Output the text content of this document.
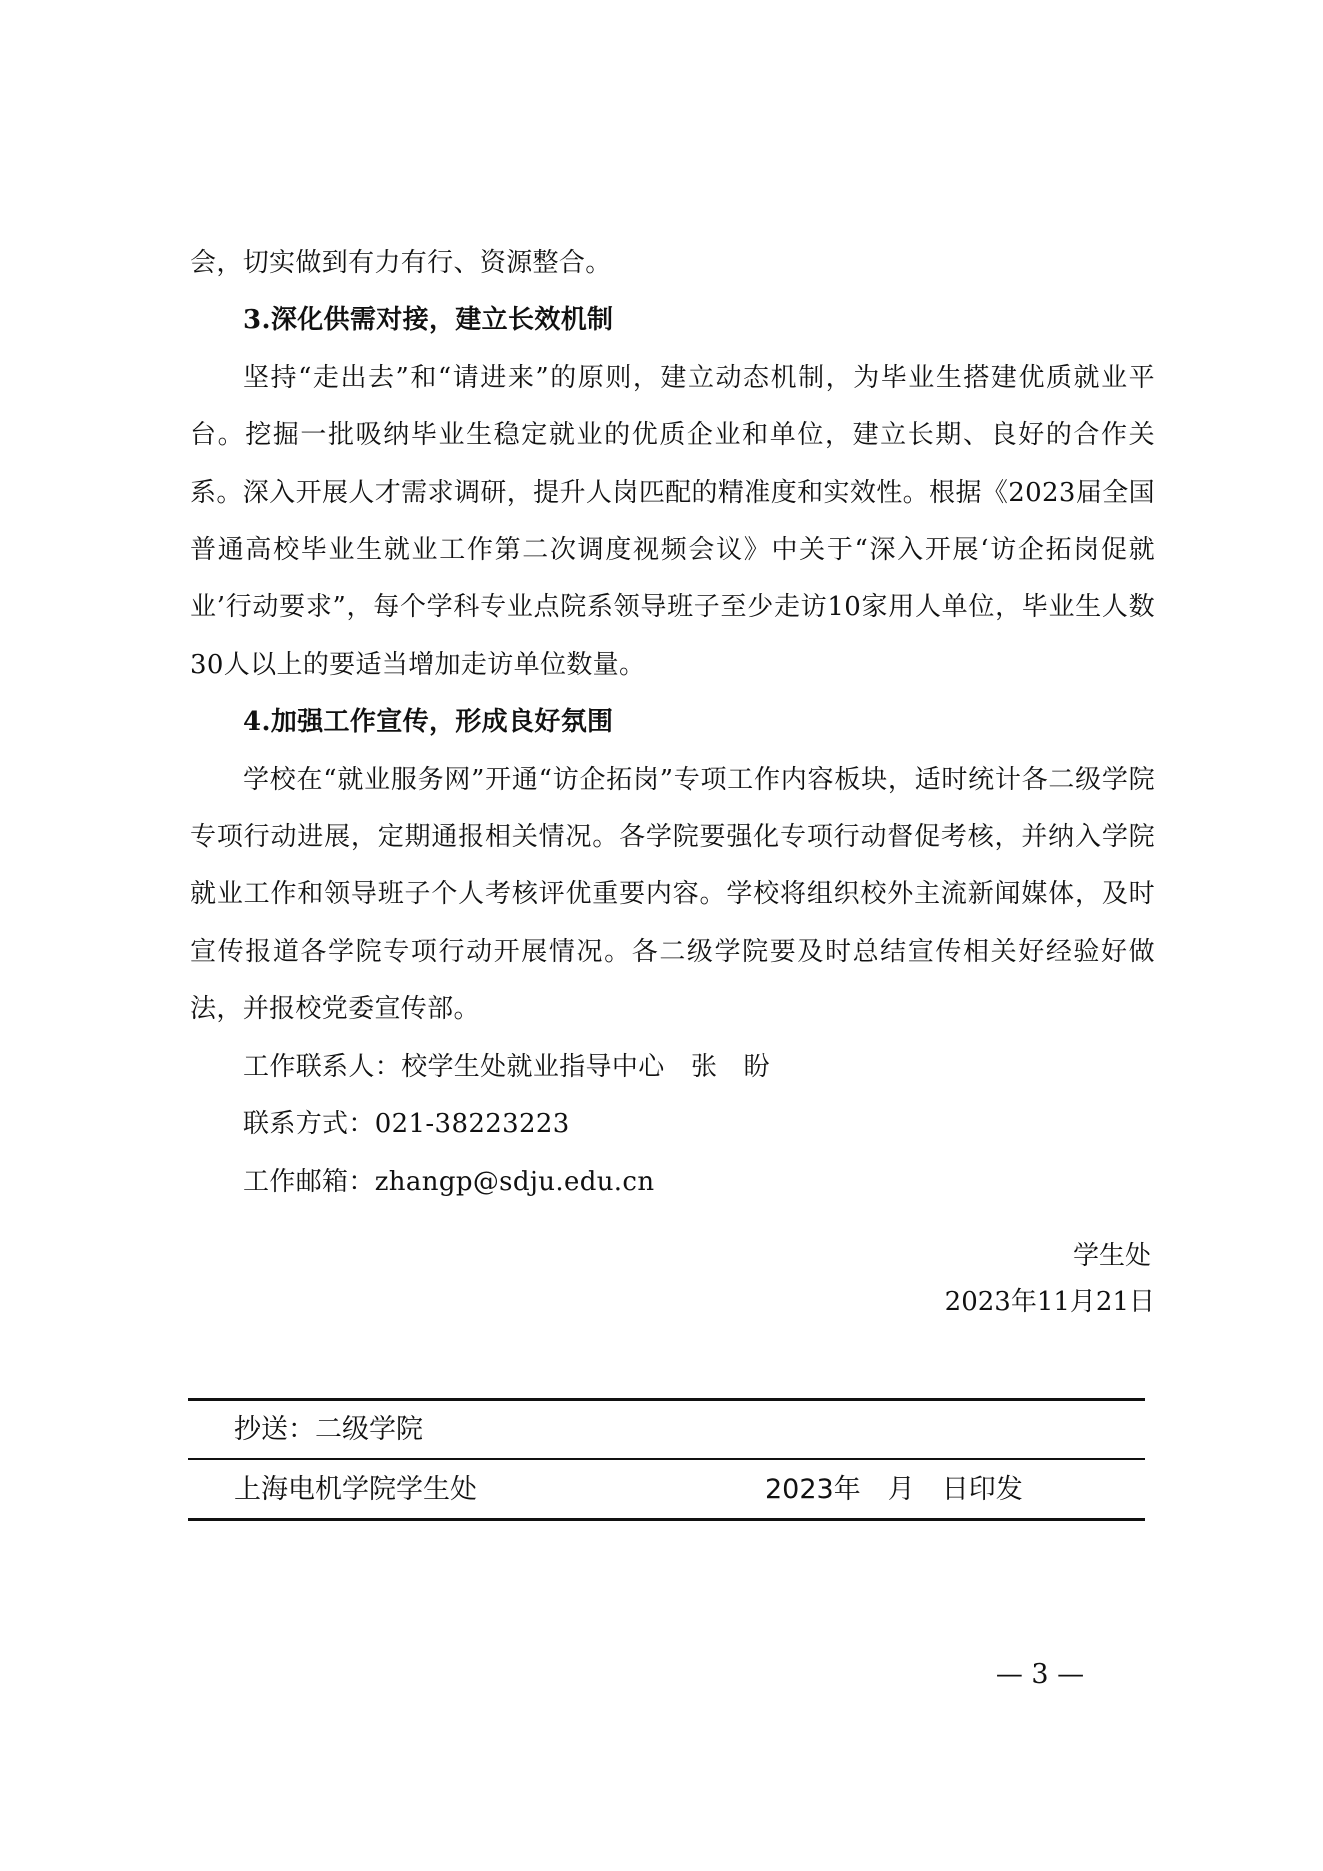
会，切实做到有力有行、资源整合。

3.深化供需对接，建立长效机制

坚持“走出去”和“请进来”的原则，建立动态机制，为毕业生搭建优质就业平台。挖掘一批吸纳毕业生稳定就业的优质企业和单位，建立长期、良好的合作关系。深入开展人才需求调研，提升人岗匹配的精准度和实效性。根据《2023届全国普通高校毕业生就业工作第二次调度视频会议》中关于“深入开展‘访企拓岗促就业’行动要求”，每个学科专业点院系领导班子至少走访10家用人单位，毕业生人数30人以上的要适当增加走访单位数量。

4.加强工作宣传，形成良好氛围

学校在“就业服务网”开通“访企拓岗”专项工作内容板块，适时统计各二级学院专项行动进展，定期通报相关情况。各学院要强化专项行动督促考核，并纳入学院就业工作和领导班子个人考核评优重要内容。学校将组织校外主流新闻媒体，及时宣传报道各学院专项行动开展情况。各二级学院要及时总结宣传相关好经验好做法，并报校党委宣传部。

工作联系人：校学生处就业指导中心　张　盼

联系方式：021-38223223

工作邮箱：zhangp@sdju.edu.cn

学生处
2023年11月21日
抄送：二级学院
上海电机学院学生处	2023年　月　日印发
— 3 —
